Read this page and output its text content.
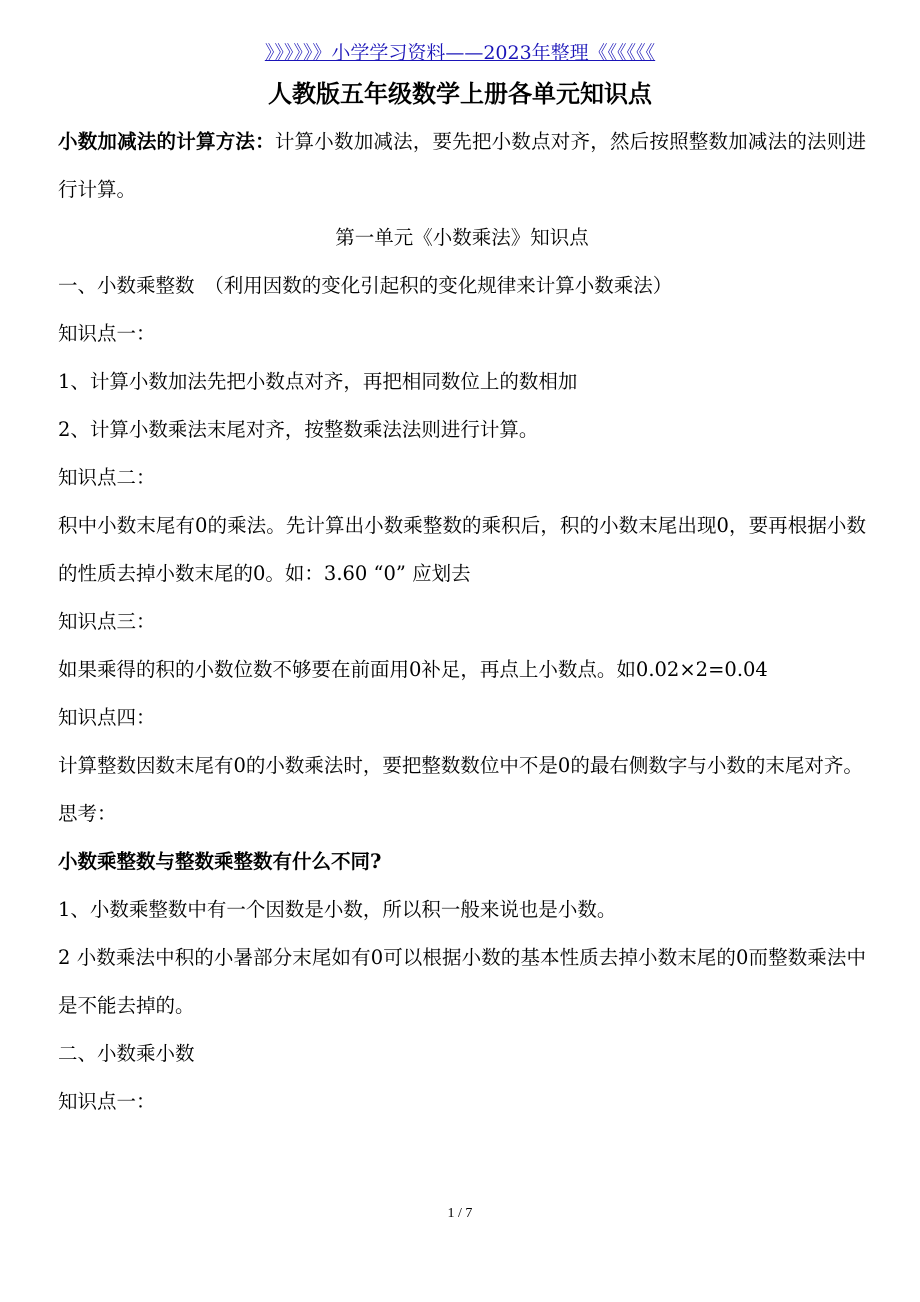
》》》》》》小学学习资料——2023年整理《《《《《《
人教版五年级数学上册各单元知识点

小数加减法的计算方法：计算小数加减法，要先把小数点对齐，然后按照整数加减法的法则进行计算。

第一单元《小数乘法》知识点

一、小数乘整数　（利用因数的变化引起积的变化规律来计算小数乘法）

知识点一：

1、计算小数加法先把小数点对齐，再把相同数位上的数相加

2、计算小数乘法末尾对齐，按整数乘法法则进行计算。

知识点二：

积中小数末尾有0的乘法。先计算出小数乘整数的乘积后，积的小数末尾出现0，要再根据小数的性质去掉小数末尾的0。如：3.60 “0” 应划去

知识点三：

如果乘得的积的小数位数不够要在前面用0补足，再点上小数点。如0.02×2=0.04

知识点四：

计算整数因数末尾有0的小数乘法时，要把整数数位中不是0的最右侧数字与小数的末尾对齐。

思考：

小数乘整数与整数乘整数有什么不同?

1、小数乘整数中有一个因数是小数，所以积一般来说也是小数。

2 小数乘法中积的小暑部分末尾如有0可以根据小数的基本性质去掉小数末尾的0而整数乘法中是不能去掉的。

二、小数乘小数

知识点一：

1 / 7
